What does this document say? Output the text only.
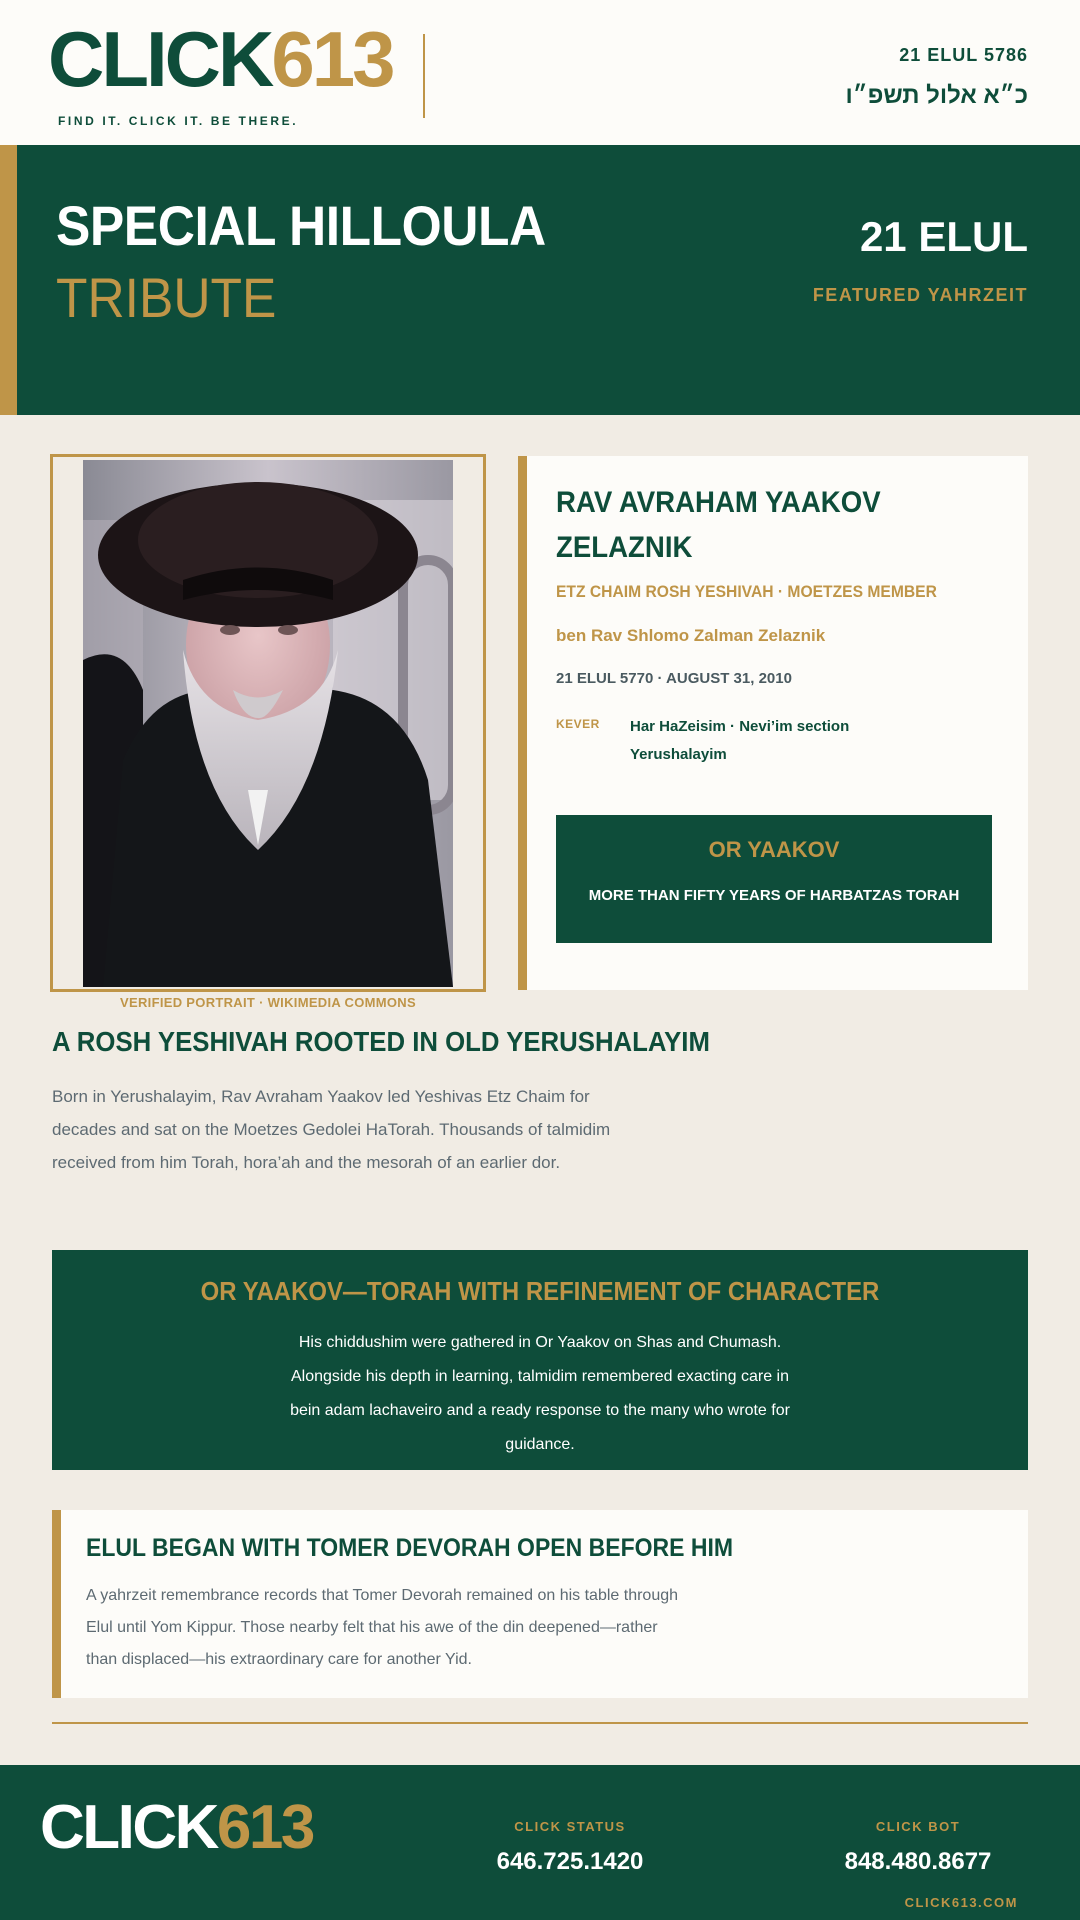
CLICK613
FIND IT. CLICK IT. BE THERE.
21 ELUL 5786
כ״א אלול תשפ״ו
SPECIAL HILLOULA
TRIBUTE
21 ELUL
FEATURED YAHRZEIT
VERIFIED PORTRAIT · WIKIMEDIA COMMONS
RAV AVRAHAM YAAKOV ZELAZNIK
ETZ CHAIM ROSH YESHIVAH · MOETZES MEMBER
ben Rav Shlomo Zalman Zelaznik
21 ELUL 5770 · AUGUST 31, 2010
KEVER Har HaZeisim · Nevi’im section
Yerushalayim
OR YAAKOV
MORE THAN FIFTY YEARS OF HARBATZAS TORAH
A ROSH YESHIVAH ROOTED IN OLD YERUSHALAYIM
Born in Yerushalayim, Rav Avraham Yaakov led Yeshivas Etz Chaim for decades and sat on the Moetzes Gedolei HaTorah. Thousands of talmidim received from him Torah, hora’ah and the mesorah of an earlier dor.
OR YAAKOV—TORAH WITH REFINEMENT OF CHARACTER
His chiddushim were gathered in Or Yaakov on Shas and Chumash. Alongside his depth in learning, talmidim remembered exacting care in bein adam lachaveiro and a ready response to the many who wrote for guidance.
ELUL BEGAN WITH TOMER DEVORAH OPEN BEFORE HIM
A yahrzeit remembrance records that Tomer Devorah remained on his table through Elul until Yom Kippur. Those nearby felt that his awe of the din deepened—rather than displaced—his extraordinary care for another Yid.
CLICK613	CLICK STATUS
646.725.1420
CLICK BOT
848.480.8677
CLICK613.COM
